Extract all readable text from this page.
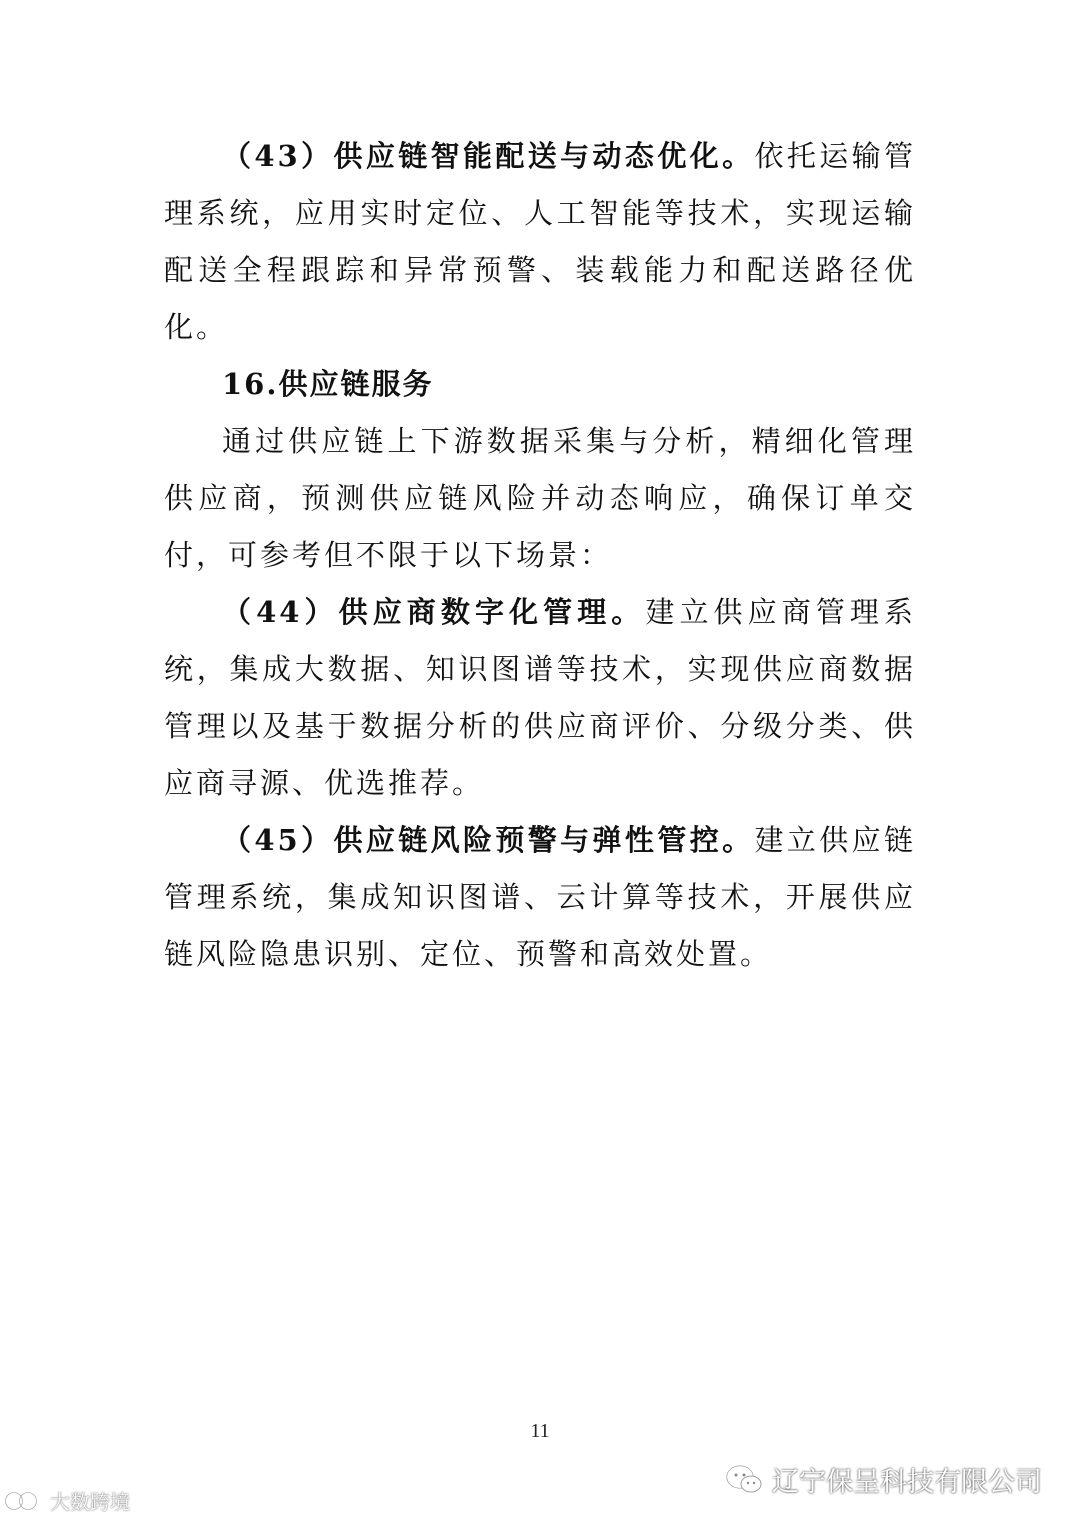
（43）供应链智能配送与动态优化。依托运输管理系统，应用实时定位、人工智能等技术，实现运输配送全程跟踪和异常预警、装载能力和配送路径优化。

16.供应链服务

通过供应链上下游数据采集与分析，精细化管理供应商，预测供应链风险并动态响应，确保订单交付，可参考但不限于以下场景：

（44）供应商数字化管理。建立供应商管理系统，集成大数据、知识图谱等技术，实现供应商数据管理以及基于数据分析的供应商评价、分级分类、供应商寻源、优选推荐。

（45）供应链风险预警与弹性管控。建立供应链管理系统，集成知识图谱、云计算等技术，开展供应链风险隐患识别、定位、预警和高效处置。

11
大数跨境
辽宁保呈科技有限公司
